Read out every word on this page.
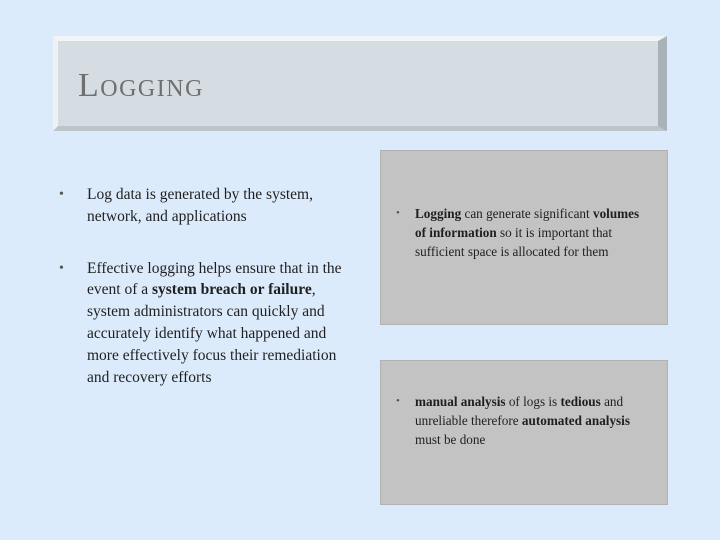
Logging
• Log data is generated by the system, network, and applications
• Effective logging helps ensure that in the event of a system breach or failure, system administrators can quickly and accurately identify what happened and more effectively focus their remediation and recovery efforts
• Logging can generate significant volumes of information so it is important that sufficient space is allocated for them
• manual analysis of logs is tedious and unreliable therefore automated analysis must be done
